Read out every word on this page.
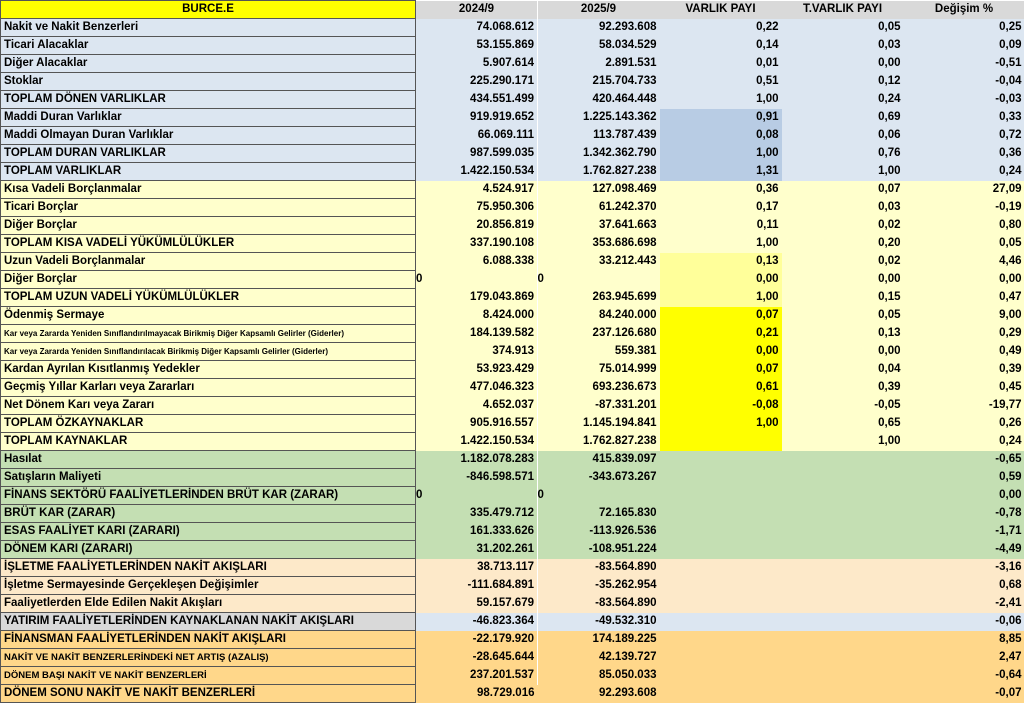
BURCE.E	2024/9	2025/9	VARLIK PAYI	T.VARLIK PAYI	Değişim %
Nakit ve Nakit Benzerleri	74.068.612	92.293.608	0,22	0,05	0,25
Ticari Alacaklar	53.155.869	58.034.529	0,14	0,03	0,09
Diğer Alacaklar	5.907.614	2.891.531	0,01	0,00	-0,51
Stoklar	225.290.171	215.704.733	0,51	0,12	-0,04
TOPLAM DÖNEN VARLIKLAR	434.551.499	420.464.448	1,00	0,24	-0,03
Maddi Duran Varlıklar	919.919.652	1.225.143.362	0,91	0,69	0,33
Maddi Olmayan Duran Varlıklar	66.069.111	113.787.439	0,08	0,06	0,72
TOPLAM DURAN VARLIKLAR	987.599.035	1.342.362.790	1,00	0,76	0,36
TOPLAM VARLIKLAR	1.422.150.534	1.762.827.238	1,31	1,00	0,24
Kısa Vadeli Borçlanmalar	4.524.917	127.098.469	0,36	0,07	27,09
Ticari Borçlar	75.950.306	61.242.370	0,17	0,03	-0,19
Diğer Borçlar	20.856.819	37.641.663	0,11	0,02	0,80
TOPLAM KISA VADELİ YÜKÜMLÜLÜKLER	337.190.108	353.686.698	1,00	0,20	0,05
Uzun Vadeli Borçlanmalar	6.088.338	33.212.443	0,13	0,02	4,46
Diğer Borçlar	0	0	0,00	0,00	0,00
TOPLAM UZUN VADELİ YÜKÜMLÜLÜKLER	179.043.869	263.945.699	1,00	0,15	0,47
Ödenmiş Sermaye	8.424.000	84.240.000	0,07	0,05	9,00
Kar veya Zararda Yeniden Sınıflandırılmayacak Birikmiş Diğer Kapsamlı Gelirler (Giderler)	184.139.582	237.126.680	0,21	0,13	0,29
Kar veya Zararda Yeniden Sınıflandırılacak Birikmiş Diğer Kapsamlı Gelirler (Giderler)	374.913	559.381	0,00	0,00	0,49
Kardan Ayrılan Kısıtlanmış Yedekler	53.923.429	75.014.999	0,07	0,04	0,39
Geçmiş Yıllar Karları veya Zararları	477.046.323	693.236.673	0,61	0,39	0,45
Net Dönem Karı veya Zararı	4.652.037	-87.331.201	-0,08	-0,05	-19,77
TOPLAM ÖZKAYNAKLAR	905.916.557	1.145.194.841	1,00	0,65	0,26
TOPLAM KAYNAKLAR	1.422.150.534	1.762.827.238		1,00	0,24
Hasılat	1.182.078.283	415.839.097			-0,65
Satışların Maliyeti	-846.598.571	-343.673.267			0,59
FİNANS SEKTÖRÜ FAALİYETLERİNDEN BRÜT KAR (ZARAR)	0	0			0,00
BRÜT KAR (ZARAR)	335.479.712	72.165.830			-0,78
ESAS FAALİYET KARI (ZARARI)	161.333.626	-113.926.536			-1,71
DÖNEM KARI (ZARARI)	31.202.261	-108.951.224			-4,49
İŞLETME FAALİYETLERİNDEN NAKİT AKIŞLARI	38.713.117	-83.564.890			-3,16
İşletme Sermayesinde Gerçekleşen Değişimler	-111.684.891	-35.262.954			0,68
Faaliyetlerden Elde Edilen Nakit Akışları	59.157.679	-83.564.890			-2,41
YATIRIM FAALİYETLERİNDEN KAYNAKLANAN NAKİT AKIŞLARI	-46.823.364	-49.532.310			-0,06
FİNANSMAN FAALİYETLERİNDEN NAKİT AKIŞLARI	-22.179.920	174.189.225			8,85
NAKİT VE NAKİT BENZERLERİNDEKİ NET ARTIŞ (AZALIŞ)	-28.645.644	42.139.727			2,47
DÖNEM BAŞI NAKİT VE NAKİT BENZERLERİ	237.201.537	85.050.033			-0,64
DÖNEM SONU NAKİT VE NAKİT BENZERLERİ	98.729.016	92.293.608			-0,07
